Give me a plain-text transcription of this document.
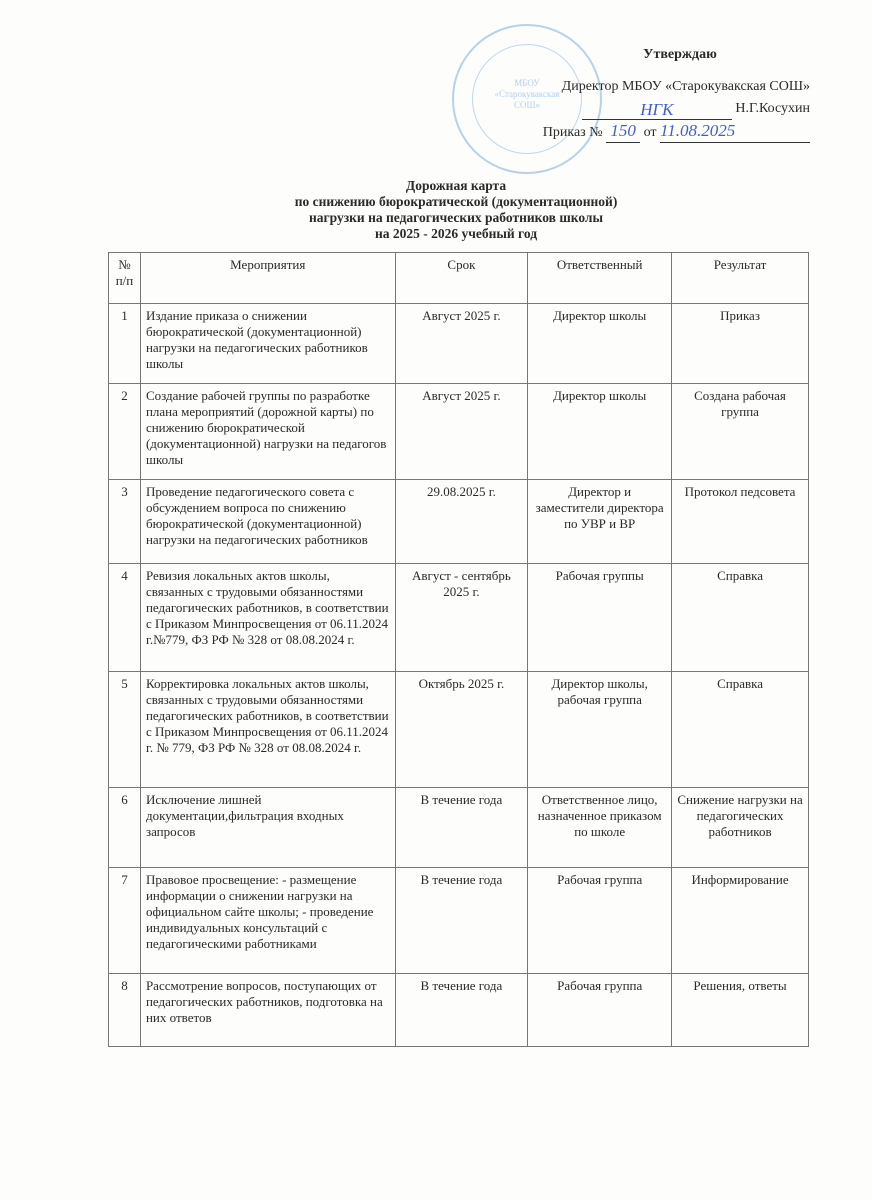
МБОУ
«Старокувакская
СОШ»
Утверждаю
Директор МБОУ «Старокувакская СОШ»
НГК
	Н.Г.Косухин
Приказ № 150 от 11.08.2025
Дорожная карта
по снижению бюрократической (документационной)
нагрузки на педагогических работников школы
на 2025 - 2026 учебный год
№ п/п	Мероприятия	Срок	Ответственный	Результат
1	Издание приказа о снижении бюрократической (документационной) нагрузки на педагогических работников школы	Август 2025 г.	Директор школы	Приказ
2	Создание рабочей группы по разработке плана мероприятий (дорожной карты) по снижению бюрократической (документационной) нагрузки на педагогов школы	Август 2025 г.	Директор школы	Создана рабочая группа
3	Проведение педагогического совета с обсуждением вопроса по снижению бюрократической (документационной) нагрузки на педагогических работников	29.08.2025 г.	Директор и заместители директора по УВР и ВР	Протокол педсовета
4	Ревизия локальных актов школы, связанных с трудовыми обязанностями педагогических работников, в соответствии с Приказом Минпросвещения от 06.11.2024 г.№779, ФЗ РФ № 328 от 08.08.2024 г.	Август - сентябрь 2025 г.	Рабочая группы	Справка
5	Корректировка локальных актов школы, связанных с трудовыми обязанностями педагогических работников, в соответствии с Приказом Минпросвещения от 06.11.2024 г. № 779, ФЗ РФ № 328 от 08.08.2024 г.	Октябрь 2025 г.	Директор школы, рабочая группа	Справка
6	Исключение лишней документации,фильтрация входных запросов	В течение года	Ответственное лицо, назначенное приказом по школе	Снижение нагрузки на педагогических работников
7	Правовое просвещение: - размещение информации о снижении нагрузки на официальном сайте школы; - проведение индивидуальных консультаций с педагогическими работниками	В течение года	Рабочая группа	Информирование
8	Рассмотрение вопросов, поступающих от педагогических работников, подготовка на них ответов	В течение года	Рабочая группа	Решения, ответы
